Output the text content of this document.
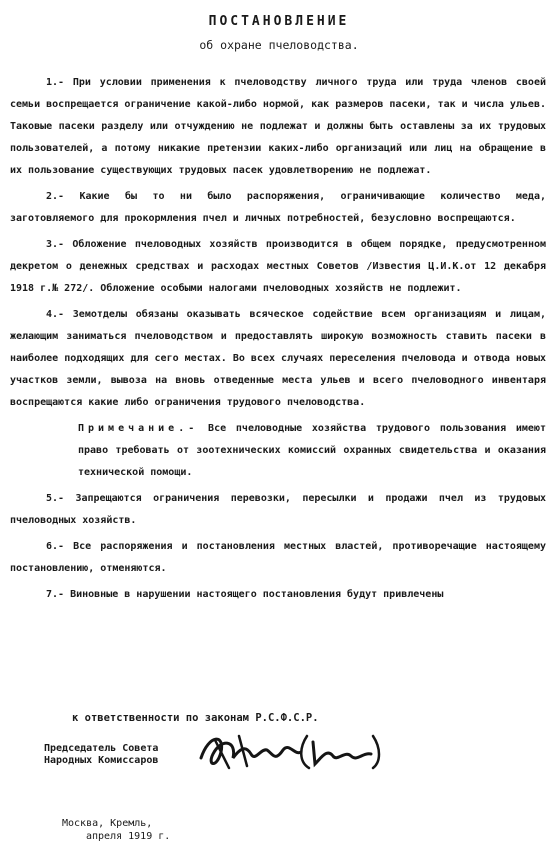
ПОСТАНОВЛЕНИЕ
об охране пчеловодства.

1.- При условии применения к пчеловодству личного труда или труда членов своей семьи воспрещается ограничение какой-либо нормой, как размеров пасеки, так и числа ульев. Таковые пасеки разделу или отчуждению не подлежат и должны быть оставлены за их трудовых пользователей, а потому никакие претензии каких-либо организаций или лиц на обращение в их пользование существующих трудовых пасек удовлетворению не подлежат.

2.- Какие бы то ни было распоряжения, ограничивающие количество меда, заготовляемого для прокормления пчел и личных потребностей, безусловно воспрещаются.

3.- Обложение пчеловодных хозяйств производится в общем порядке, предусмотренном декретом о денежных средствах и расходах местных Советов /Известия Ц.И.К.от 12 декабря 1918 г.№ 272/. Обложение особыми налогами пчеловодных хозяйств не подлежит.

4.- Земотделы обязаны оказывать всяческое содействие всем организациям и лицам, желающим заниматься пчеловодством и предоставлять широкую возможность ставить пасеки в наиболее подходящих для сего местах. Во всех случаях переселения пчеловода и отвода новых участков земли, вывоза на вновь отведенные места ульев и всего пчеловодного инвентаря воспрещаются какие либо ограничения трудового пчеловодства.

Примечание.- Все пчеловодные хозяйства трудового пользования имеют право требовать от зоотехнических комиссий охранных свидетельства и оказания технической помощи.

5.- Запрещаются ограничения перевозки, пересылки и продажи пчел из трудовых пчеловодных хозяйств.

6.- Все распоряжения и постановления местных властей, противоречащие настоящему постановлению, отменяются.

7.- Виновные в нарушении настоящего постановления будут привлечены

к ответственности по законам Р.С.Ф.С.Р.
Председатель Совета
Народных Комиссаров
Москва, Кремль,
апреля 1919 г.
